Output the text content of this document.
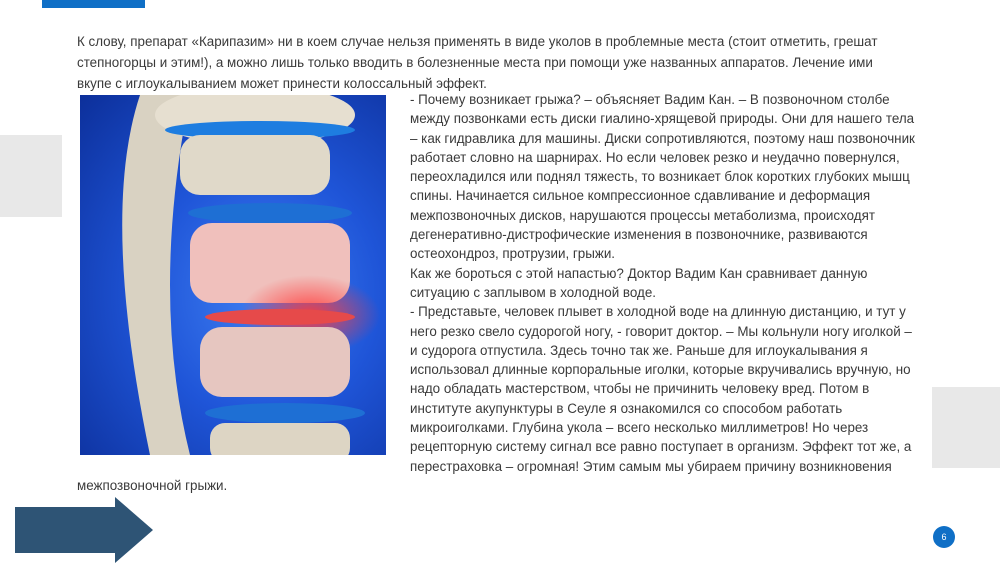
К слову, препарат «Карипазим» ни в коем случае нельзя применять в виде уколов в проблемные места (стоит отметить, грешат
степногорцы и этим!), а можно лишь только вводить в болезненные места при помощи уже названных аппаратов. Лечение ими
вкупе с иглоукалыванием может принести колоссальный эффект.

- Почему возникает грыжа? – объясняет Вадим Кан. – В позвоночном столбе

между позвонками есть диски гиалино-хрящевой природы. Они для нашего тела

– как гидравлика для машины. Диски сопротивляются, поэтому наш позвоночник

работает словно на шарнирах. Но если человек резко и неудачно повернулся,

переохладился или поднял тяжесть, то возникает блок коротких глубоких мышц

спины. Начинается сильное компрессионное сдавливание и деформация

межпозвоночных дисков, нарушаются процессы метаболизма, происходят

дегенеративно-дистрофические изменения в позвоночнике, развиваются

остеохондроз, протрузии, грыжи.

Как же бороться с этой напастью? Доктор Вадим Кан сравнивает данную

ситуацию с заплывом в холодной воде.

- Представьте, человек плывет в холодной воде на длинную дистанцию, и тут у

него резко свело судорогой ногу, - говорит доктор. – Мы кольнули ногу иголкой –

и судорога отпустила. Здесь точно так же. Раньше для иглоукалывания я

использовал длинные корпоральные иголки, которые вкручивались вручную, но

надо обладать мастерством, чтобы не причинить человеку вред. Потом в

институте акупунктуры в Сеуле я ознакомился со способом работать

микроиголками. Глубина укола – всего несколько миллиметров! Но через

рецепторную систему сигнал все равно поступает в организм. Эффект тот же, а

перестраховка – огромная! Этим самым мы убираем причину возникновения

межпозвоночной грыжи.
6
